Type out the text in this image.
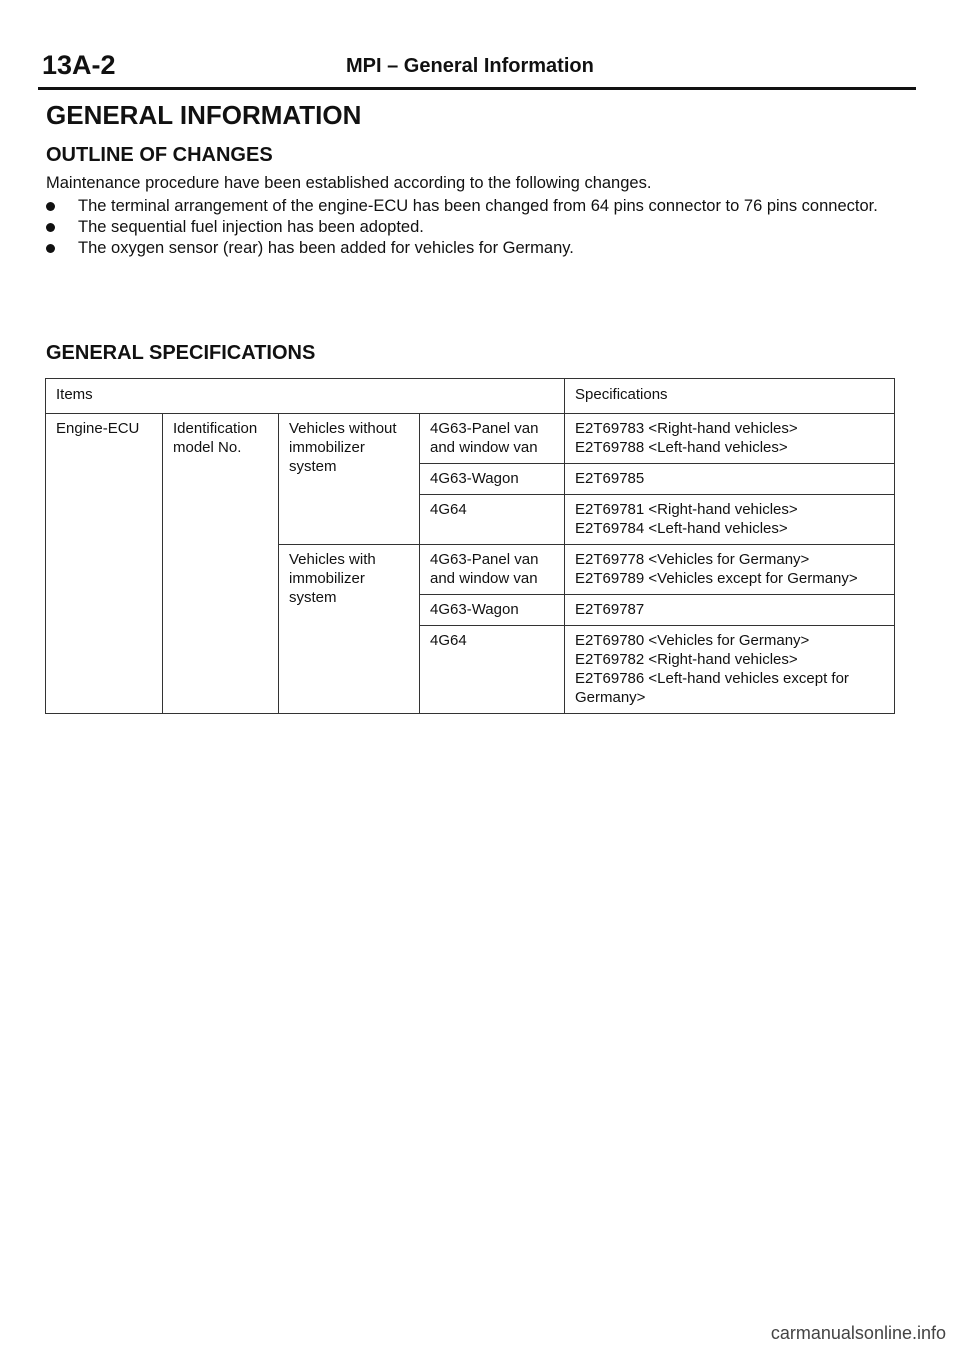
13A-2	MPI – General Information
GENERAL INFORMATION
OUTLINE OF CHANGES

Maintenance procedure have been established according to the following changes.

The terminal arrangement of the engine-ECU has been changed from 64 pins connector to 76 pins connector.
The sequential fuel injection has been adopted.
The oxygen sensor (rear) has been added for vehicles for Germany.
GENERAL SPECIFICATIONS
Items				Specifications
Engine-ECU	Identification model No.	Vehicles without immobilizer system	4G63-Panel van and window van	E2T69783 <Right-hand vehicles>
E2T69788 <Left-hand vehicles>

			4G63-Wagon	E2T69785

			4G64	E2T69781 <Right-hand vehicles>
E2T69784 <Left-hand vehicles>

		Vehicles with immobilizer system	4G63-Panel van and window van	E2T69778 <Vehicles for Germany>
E2T69789 <Vehicles except for Germany>

			4G63-Wagon	E2T69787

			4G64	E2T69780 <Vehicles for Germany>
E2T69782 <Right-hand vehicles>
E2T69786 <Left-hand vehicles except for Germany>
carmanualsonline.info
